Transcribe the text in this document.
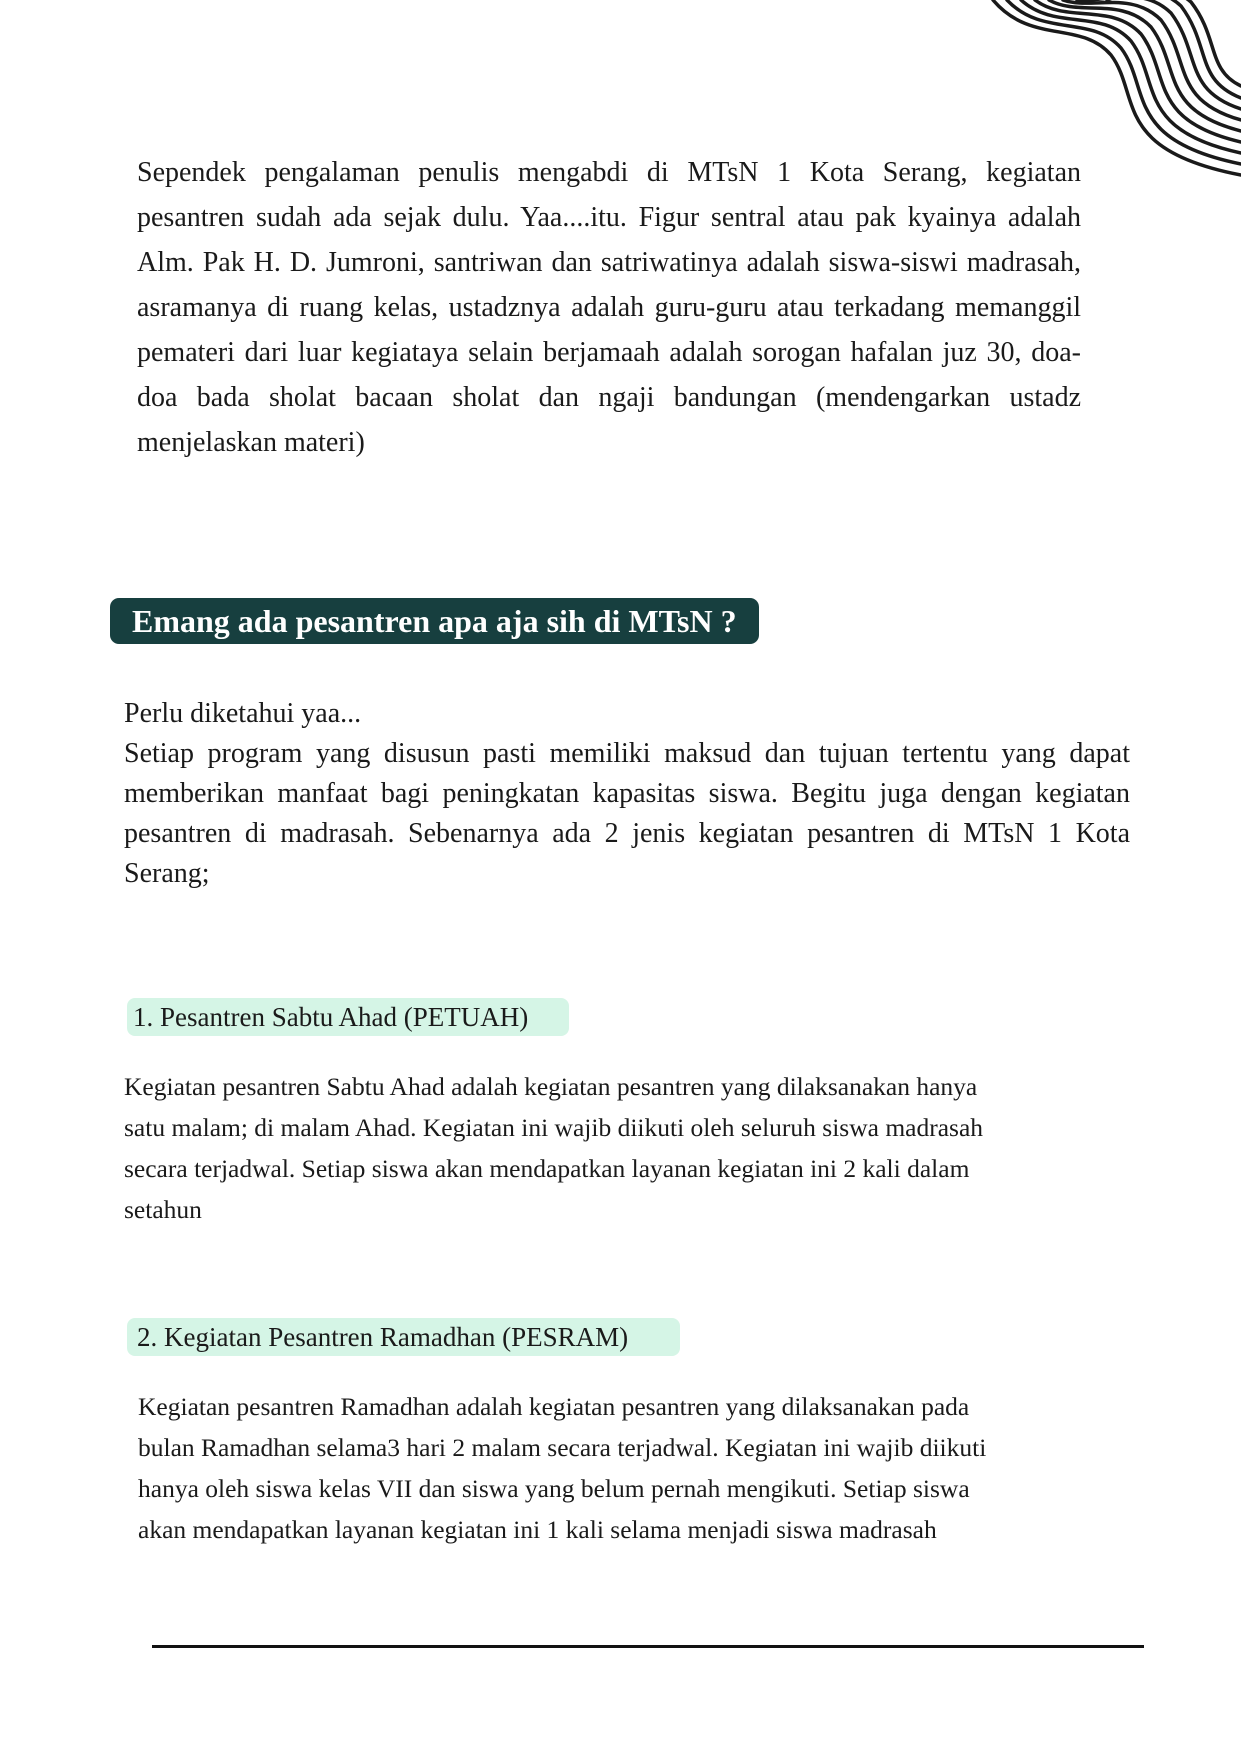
Sependek pengalaman penulis mengabdi di MTsN 1 Kota Serang, kegiatan pesantren sudah ada sejak dulu. Yaa....itu. Figur sentral atau pak kyainya adalah Alm. Pak H. D. Jumroni, santriwan dan satriwatinya adalah siswa-siswi madrasah, asramanya di ruang kelas, ustadznya adalah guru-guru atau terkadang memanggil pemateri dari luar kegiataya selain berjamaah adalah sorogan hafalan juz 30, doa-doa bada sholat bacaan sholat dan ngaji bandungan (mendengarkan ustadz menjelaskan materi)

Emang ada pesantren apa aja sih di MTsN ?
Perlu diketahui yaa...
Setiap program yang disusun pasti memiliki maksud dan tujuan tertentu yang dapat memberikan manfaat bagi peningkatan kapasitas siswa. Begitu juga dengan kegiatan pesantren di madrasah. Sebenarnya ada 2 jenis kegiatan pesantren di MTsN 1 Kota Serang;
1. Pesantren Sabtu Ahad (PETUAH)
Kegiatan pesantren Sabtu Ahad adalah kegiatan pesantren yang dilaksanakan hanya
satu malam; di malam Ahad. Kegiatan ini wajib diikuti oleh seluruh siswa madrasah
secara terjadwal. Setiap siswa akan mendapatkan layanan kegiatan ini 2 kali dalam
setahun
2. Kegiatan Pesantren Ramadhan (PESRAM)
Kegiatan pesantren Ramadhan adalah kegiatan pesantren yang dilaksanakan pada
bulan Ramadhan selama3 hari 2 malam secara terjadwal. Kegiatan ini wajib diikuti
hanya oleh siswa kelas VII dan siswa yang belum pernah mengikuti. Setiap siswa
akan mendapatkan layanan kegiatan ini 1 kali selama menjadi siswa madrasah
